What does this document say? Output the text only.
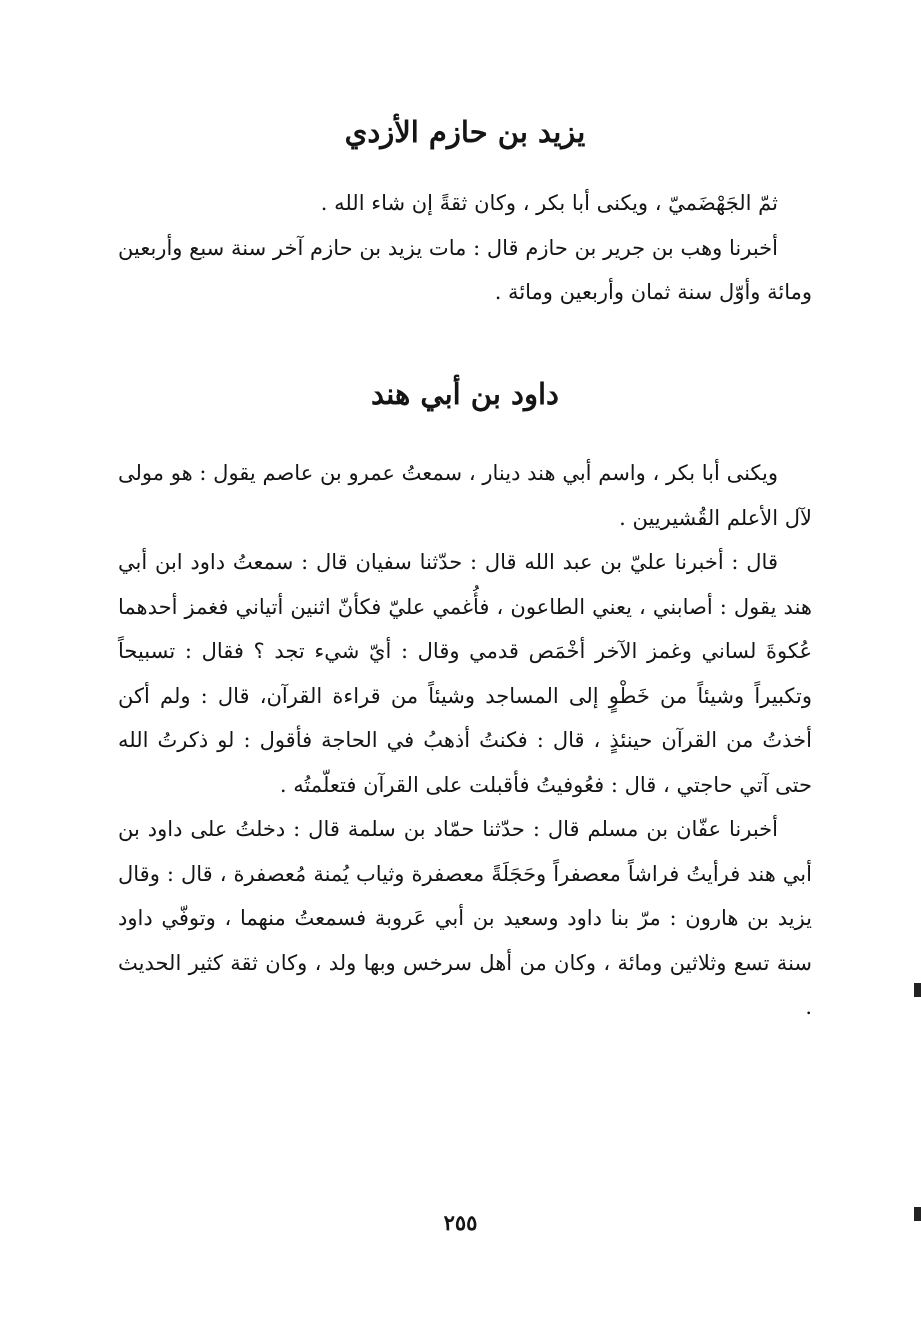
يزيد بن حازم الأزدي

ثمّ الجَهْضَميّ ، ويكنى أبا بكر ، وكان ثقةً إن شاء الله .

أخبرنا وهب بن جرير بن حازم قال : مات يزيد بن حازم آخر سنة سبع وأربعين ومائة وأوّل سنة ثمان وأربعين ومائة .

داود بن أبي هند

ويكنى أبا بكر ، واسم أبي هند دينار ، سمعتُ عمرو بن عاصم يقول : هو مولى لآل الأعلم القُشيريين .

قال : أخبرنا عليّ بن عبد الله قال : حدّثنا سفيان قال : سمعتُ داود ابن أبي هند يقول : أصابني ، يعني الطاعون ، فأُغمي عليّ فكأنّ اثنين أتياني فغمز أحدهما عُكوةَ لساني وغمز الآخر أخْمَص قدمي وقال : أيّ شيء تجد ؟ فقال : تسبيحاً وتكبيراً وشيئاً من خَطْوٍ إلى المساجد وشيئاً من قراءة القرآن، قال : ولم أكن أخذتُ من القرآن حينئذٍ ، قال : فكنتُ أذهبُ في الحاجة فأقول : لو ذكرتُ الله حتى آتي حاجتي ، قال : فعُوفيتُ فأقبلت على القرآن فتعلّمتُه .

أخبرنا عفّان بن مسلم قال : حدّثنا حمّاد بن سلمة قال : دخلتُ على داود بن أبي هند فرأيتُ فراشاً معصفراً وحَجَلَةً معصفرة وثياب يُمنة مُعصفرة ، قال : وقال يزيد بن هارون : مرّ بنا داود وسعيد بن أبي عَروبة فسمعتُ منهما ، وتوفّي داود سنة تسع وثلاثين ومائة ، وكان من أهل سرخس وبها ولد ، وكان ثقة كثير الحديث .

٢٥٥
